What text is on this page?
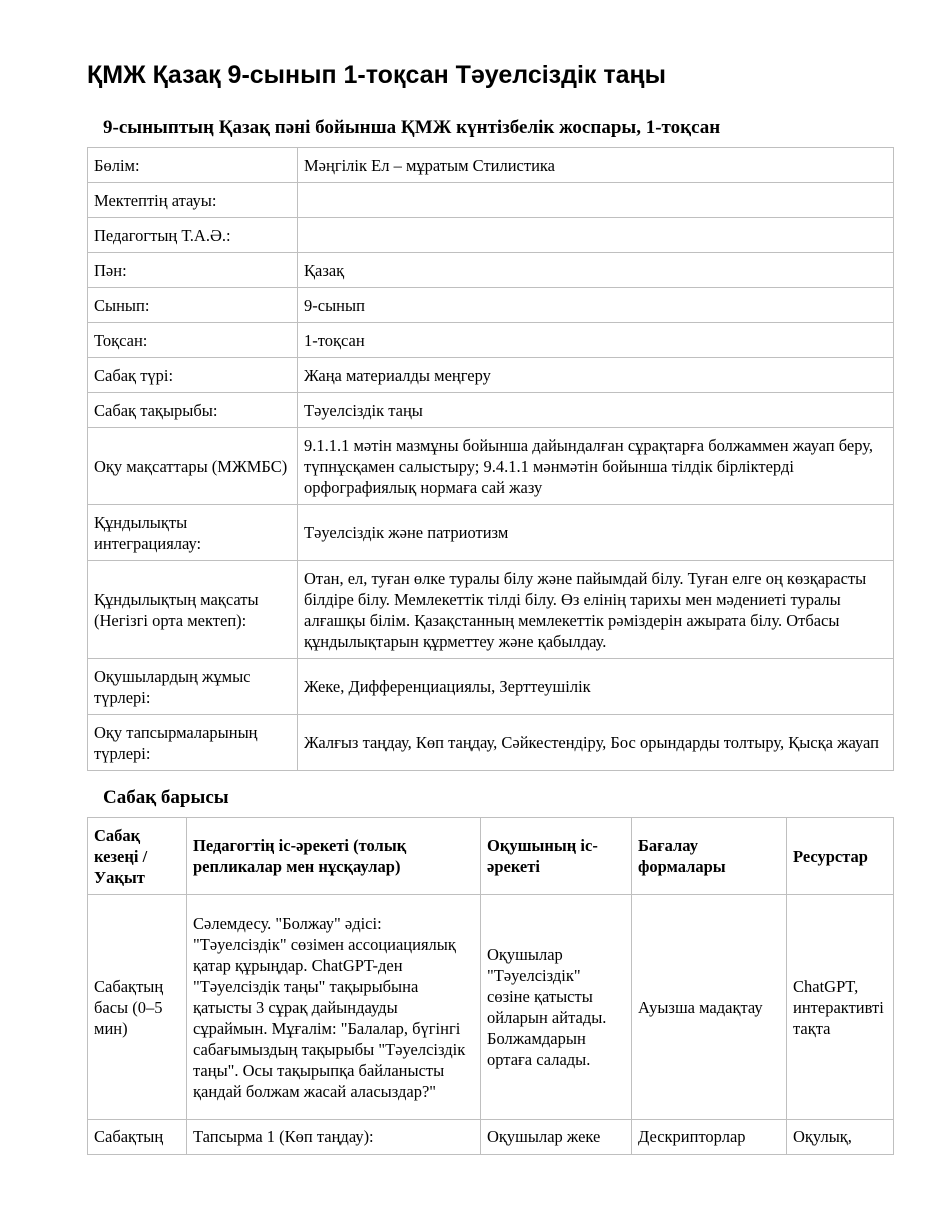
ҚМЖ Қазақ 9-сынып 1-тоқсан Тәуелсіздік таңы
9-сыныптың Қазақ пәні бойынша ҚМЖ күнтізбелік жоспары, 1-тоқсан
Бөлім:	Мәңгілік Ел – мұратым Стилистика
Мектептің атауы:	
Педагогтың Т.А.Ә.:	
Пән:	Қазақ
Сынып:	9-сынып
Тоқсан:	1-тоқсан
Сабақ түрі:	Жаңа материалды меңгеру
Сабақ тақырыбы:	Тәуелсіздік таңы
Оқу мақсаттары (МЖМБС)	9.1.1.1 мәтін мазмұны бойынша дайындалған сұрақтарға болжаммен жауап беру, түпнұсқамен салыстыру; 9.4.1.1 мәнмәтін бойынша тілдік бірліктерді орфографиялық нормаға сай жазу
Құндылықты интеграциялау:	Тәуелсіздік және патриотизм
Құндылықтың мақсаты (Негізгі орта мектеп):	Отан, ел, туған өлке туралы білу және пайымдай білу. Туған елге оң көзқарасты білдіре білу. Мемлекеттік тілді білу. Өз елінің тарихы мен мәдениеті туралы алғашқы білім. Қазақстанның мемлекеттік рәміздерін ажырата білу. Отбасы құндылықтарын құрметтеу және қабылдау.
Оқушылардың жұмыс түрлері:	Жеке, Дифференциациялы, Зерттеушілік
Оқу тапсырмаларының түрлері:	Жалғыз таңдау, Көп таңдау, Сәйкестендіру, Бос орындарды толтыру, Қысқа жауап
Сабақ барысы
Сабақ кезеңі / Уақыт	Педагогтің іс-әрекеті (толық репликалар мен нұсқаулар)	Оқушының іс-әрекеті	Бағалау формалары	Ресурстар
Сабақтың басы (0–5 мин)	Сәлемдесу. "Болжау" әдісі: "Тәуелсіздік" сөзімен ассоциациялық қатар құрыңдар. ChatGPT-ден "Тәуелсіздік таңы" тақырыбына қатысты 3 сұрақ дайындауды сұраймын. Мұғалім: "Балалар, бүгінгі сабағымыздың тақырыбы "Тәуелсіздік таңы". Осы тақырыпқа байланысты қандай болжам жасай аласыздар?"	Оқушылар "Тәуелсіздік" сөзіне қатысты ойларын айтады. Болжамдарын ортаға салады.	Ауызша мадақтау	ChatGPT, интерактивті тақта
Сабақтың	Тапсырма 1 (Көп таңдау):	Оқушылар жеке	Дескрипторлар	Оқулық,
